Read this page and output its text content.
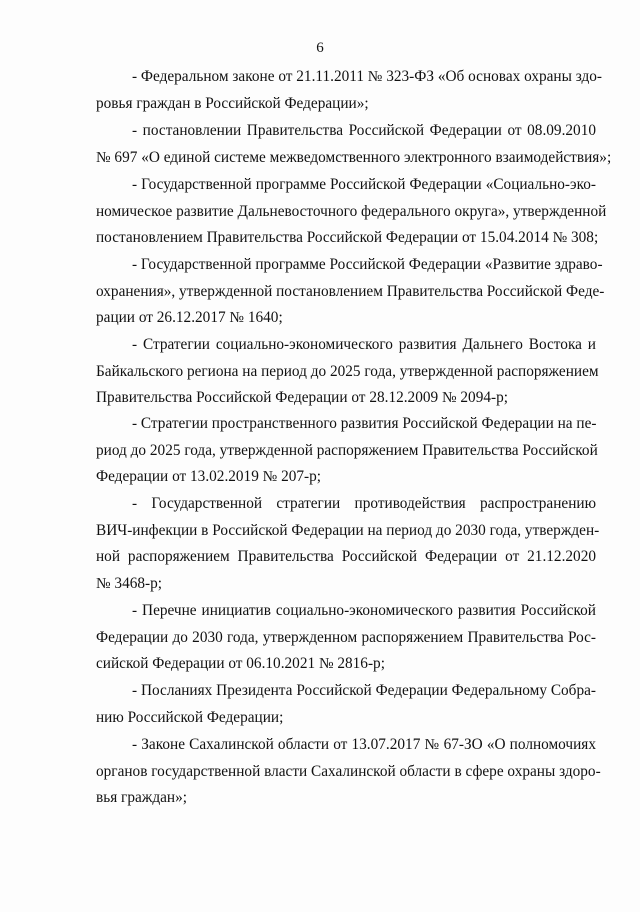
6

- Федеральном законе от 21.11.2011 № 323-ФЗ «Об основах охраны здо-
ровья граждан в Российской Федерации»;

- постановлении Правительства Российской Федерации от 08.09.2010
№ 697 «О единой системе межведомственного электронного взаимодействия»;

- Государственной программе Российской Федерации «Социально-эко-
номическое развитие Дальневосточного федерального округа», утвержденной
постановлением Правительства Российской Федерации от 15.04.2014 № 308;

- Государственной программе Российской Федерации «Развитие здраво-
охранения», утвержденной постановлением Правительства Российской Феде-
рации от 26.12.2017 № 1640;

- Стратегии социально-экономического развития Дальнего Востока и
Байкальского региона на период до 2025 года, утвержденной распоряжением
Правительства Российской Федерации от 28.12.2009 № 2094-р;

- Стратегии пространственного развития Российской Федерации на пе-
риод до 2025 года, утвержденной распоряжением Правительства Российской
Федерации от 13.02.2019 № 207-р;

- Государственной стратегии противодействия распространению
ВИЧ-инфекции в Российской Федерации на период до 2030 года, утвержден-
ной распоряжением Правительства Российской Федерации от 21.12.2020
№ 3468-р;

- Перечне инициатив социально-экономического развития Российской
Федерации до 2030 года, утвержденном распоряжением Правительства Рос-
сийской Федерации от 06.10.2021 № 2816-р;

- Посланиях Президента Российской Федерации Федеральному Собра-
нию Российской Федерации;

- Законе Сахалинской области от 13.07.2017 № 67-ЗО «О полномочиях
органов государственной власти Сахалинской области в сфере охраны здоро-
вья граждан»;
